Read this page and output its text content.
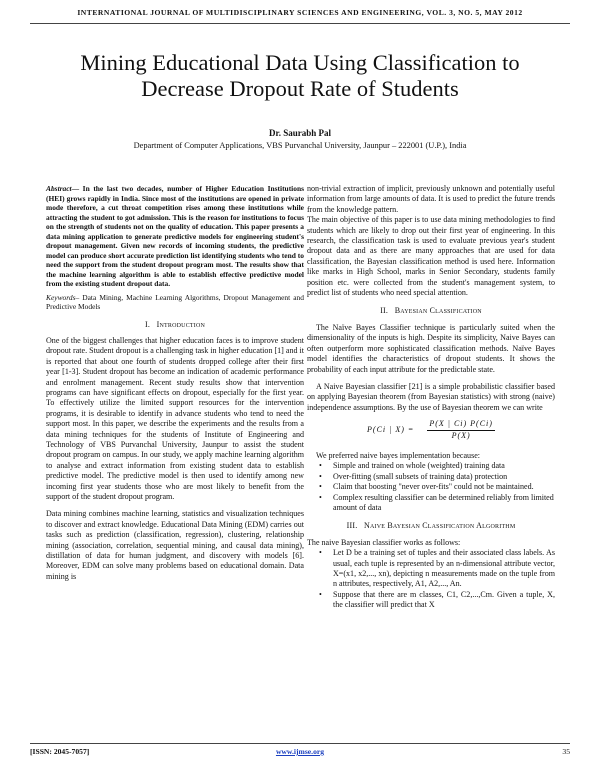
INTERNATIONAL JOURNAL OF MULTIDISCIPLINARY SCIENCES AND ENGINEERING, VOL. 3, NO. 5, MAY 2012
Mining Educational Data Using Classification to
Decrease Dropout Rate of Students
Dr. Saurabh Pal
Department of Computer Applications, VBS Purvanchal University, Jaunpur – 222001 (U.P.), India

Abstract— In the last two decades, number of Higher Education Institutions (HEI) grows rapidly in India. Since most of the institutions are opened in private mode therefore, a cut throat competition rises among these institutions while attracting the student to got admission. This is the reason for institutions to focus on the strength of students not on the quality of education. This paper presents a data mining application to generate predictive models for engineering student's dropout management. Given new records of incoming students, the predictive model can produce short accurate prediction list identifying students who tend to need the support from the student dropout program most. The results show that the machine learning algorithm is able to establish effective predictive model from the existing student dropout data.

Keywords– Data Mining, Machine Learning Algorithms, Dropout Management and Predictive Models

I. Introduction

One of the biggest challenges that higher education faces is to improve student dropout rate. Student dropout is a challenging task in higher education [1] and it is reported that about one fourth of students dropped college after their first year [1-3]. Student dropout has become an indication of academic performance and enrolment management. Recent study results show that intervention programs can have significant effects on dropout, especially for the first year. To effectively utilize the limited support resources for the intervention programs, it is desirable to identify in advance students who tend to need the support most. In this paper, we describe the experiments and the results from a data mining techniques for the students of Institute of Engineering and Technology of VBS Purvanchal University, Jaunpur to assist the student dropout program on campus. In our study, we apply machine learning algorithm to analyse and extract information from existing student data to establish predictive model. The predictive model is then used to identify among new incoming first year students those who are most likely to benefit from the support of the student dropout program.

Data mining combines machine learning, statistics and visualization techniques to discover and extract knowledge. Educational Data Mining (EDM) carries out tasks such as prediction (classification, regression), clustering, relationship mining (association, correlation, sequential mining, and causal data mining), distillation of data for human judgment, and discovery with models [6]. Moreover, EDM can solve many problems based on educational domain. Data mining is

non-trivial extraction of implicit, previously unknown and potentially useful information from large amounts of data. It is used to predict the future trends from the knowledge pattern.

The main objective of this paper is to use data mining methodologies to find students which are likely to drop out their first year of engineering. In this research, the classification task is used to evaluate previous year's student dropout data and as there are many approaches that are used for data classification, the Bayesian classification method is used here. Information like marks in High School, marks in Senior Secondary, students family position etc. were collected from the student's management system, to predict list of students who need special attention.

II. Bayesian Classification

The Naïve Bayes Classifier technique is particularly suited when the dimensionality of the inputs is high. Despite its simplicity, Naive Bayes can often outperform more sophisticated classification methods. Naïve Bayes model identifies the characteristics of dropout students. It shows the probability of each input attribute for the predictable state.

A Naive Bayesian classifier [21] is a simple probabilistic classifier based on applying Bayesian theorem (from Bayesian statistics) with strong (naive) independence assumptions. By the use of Bayesian theorem we can write

P(Ci | $X) = \frac{P(X | Ci) P(Ci)}{P(X)}$

We preferred naive bayes implementation because:

• Simple and trained on whole (weighted) training data
• Over-fitting (small subsets of training data) protection
• Claim that boosting "never over-fits" could not be maintained.
• Complex resulting classifier can be determined reliably from limited amount of data

III. Naive Bayesian Classification Algorithm

The naive Bayesian classifier works as follows:

• Let D be a training set of tuples and their associated class labels. As usual, each tuple is represented by an n-dimensional attribute vector, X=(x1, x2,..., xn), depicting n measurements made on the tuple from n attributes, respectively, A1, A2,..., An.
• Suppose that there are m classes, C1, C2,...,Cm. Given a tuple, X, the classifier will predict that X
[ISSN: 2045-7057]	www.ijmse.org	35
